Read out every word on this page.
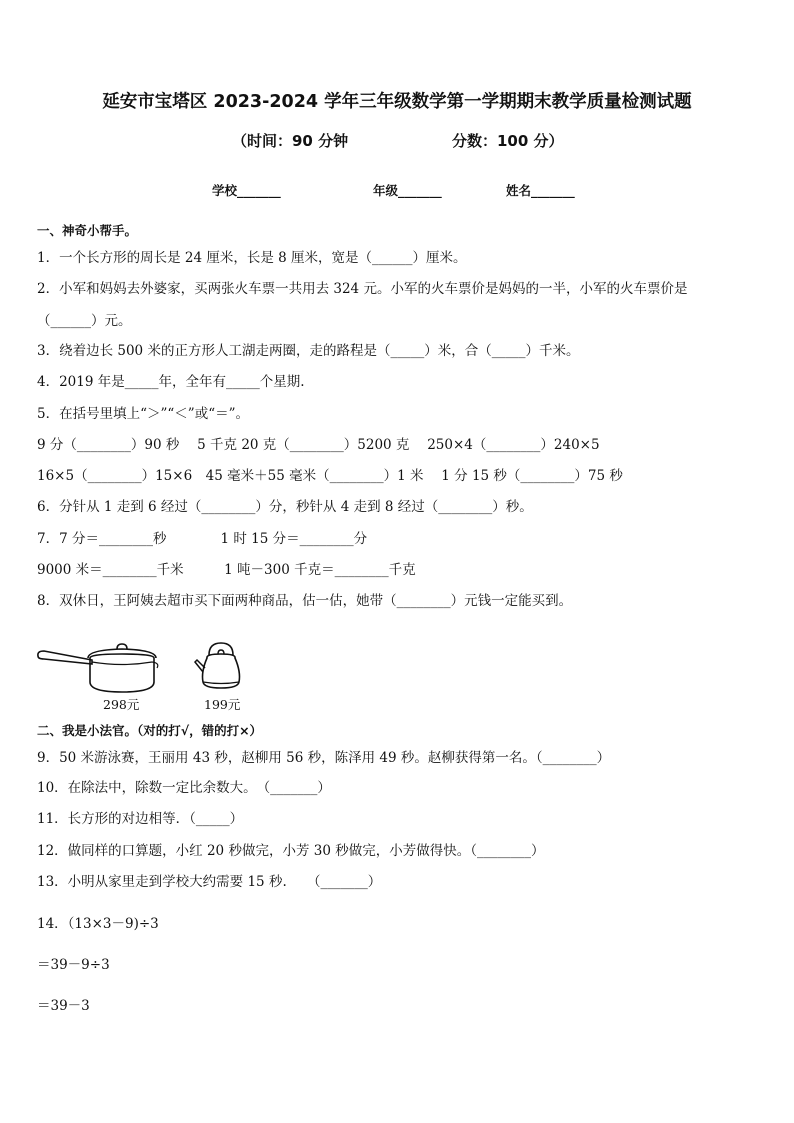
延安市宝塔区 2023-2024 学年三年级数学第一学期期末教学质量检测试题
（时间：90 分钟	分数：100 分）
学校_______	年级_______	姓名_______
一、神奇小帮手。
1．一个长方形的周长是 24 厘米，长是 8 厘米，宽是（______）厘米。
2．小军和妈妈去外婆家，买两张火车票一共用去 324 元。小军的火车票价是妈妈的一半，小军的火车票价是
（______）元。
3．绕着边长 500 米的正方形人工湖走两圈，走的路程是（_____）米，合（_____）千米。
4．2019 年是_____年，全年有_____个星期.
5．在括号里填上“＞”“＜”或“＝”。
9 分（________）90 秒　 5 千克 20 克（________）5200 克　 250×4（________）240×5
16×5（________）15×6　45 毫米＋55 毫米（________）1 米　 1 分 15 秒（________）75 秒
6．分针从 1 走到 6 经过（________）分，秒针从 4 走到 8 经过（________）秒。
7．7 分＝________秒　　　　1 时 15 分＝________分
9000 米＝________千米　　　1 吨－300 千克＝________千克
8．双休日，王阿姨去超市买下面两种商品，估一估，她带（________）元钱一定能买到。
298元	199元
二、我是小法官。（对的打√，错的打×）
9．50 米游泳赛，王丽用 43 秒，赵柳用 56 秒，陈泽用 49 秒。赵柳获得第一名。（________）
10．在除法中，除数一定比余数大。　（_______）
11．长方形的对边相等．（_____）
12．做同样的口算题，小红 20 秒做完，小芳 30 秒做完，小芳做得快。（________）
13．小明从家里走到学校大约需要 15 秒.　　（_______）
14．（13×3－9)÷3
＝39－9÷3
＝39－3
